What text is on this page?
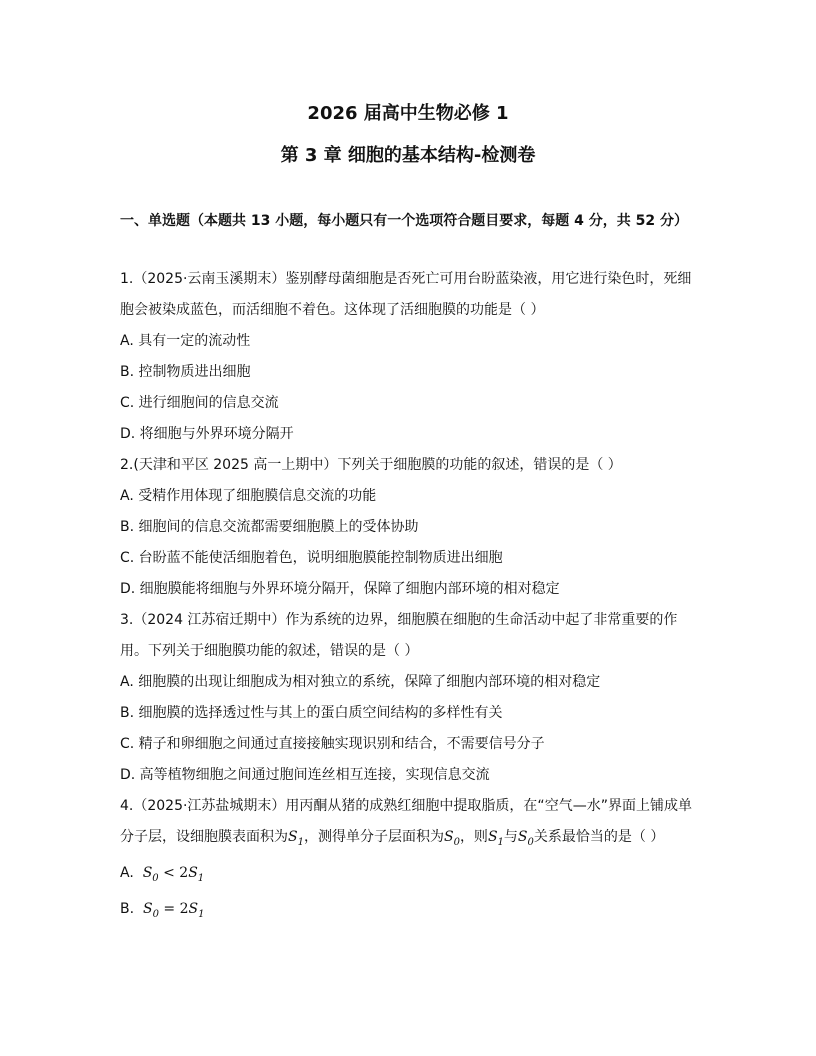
2026 届高中生物必修 1
第 3 章 细胞的基本结构-检测卷
一、单选题（本题共 13 小题，每小题只有一个选项符合题目要求，每题 4 分，共 52 分）

1.（2025·云南玉溪期末）鉴别酵母菌细胞是否死亡可用台盼蓝染液，用它进行染色时，死细胞会被染成蓝色，而活细胞不着色。这体现了活细胞膜的功能是（ ）

A. 具有一定的流动性

B. 控制物质进出细胞

C. 进行细胞间的信息交流

D. 将细胞与外界环境分隔开

2.(天津和平区 2025 高一上期中）下列关于细胞膜的功能的叙述，错误的是（ ）

A. 受精作用体现了细胞膜信息交流的功能

B. 细胞间的信息交流都需要细胞膜上的受体协助

C. 台盼蓝不能使活细胞着色，说明细胞膜能控制物质进出细胞

D. 细胞膜能将细胞与外界环境分隔开，保障了细胞内部环境的相对稳定

3.（2024 江苏宿迁期中）作为系统的边界，细胞膜在细胞的生命活动中起了非常重要的作用。下列关于细胞膜功能的叙述，错误的是（ ）

A. 细胞膜的出现让细胞成为相对独立的系统，保障了细胞内部环境的相对稳定

B. 细胞膜的选择透过性与其上的蛋白质空间结构的多样性有关

C. 精子和卵细胞之间通过直接接触实现识别和结合，不需要信号分子

D. 高等植物细胞之间通过胞间连丝相互连接，实现信息交流

4.（2025·江苏盐城期末）用丙酮从猪的成熟红细胞中提取脂质，在“空气—水”界面上铺成单分子层，设细胞膜表面积为$S_1$，测得单分子层面积为$S_0$，则$S_1$与$S_0$关系最恰当的是（ ）

A. $S_0 < 2S_1$

B. $S_0 = 2S_1$
